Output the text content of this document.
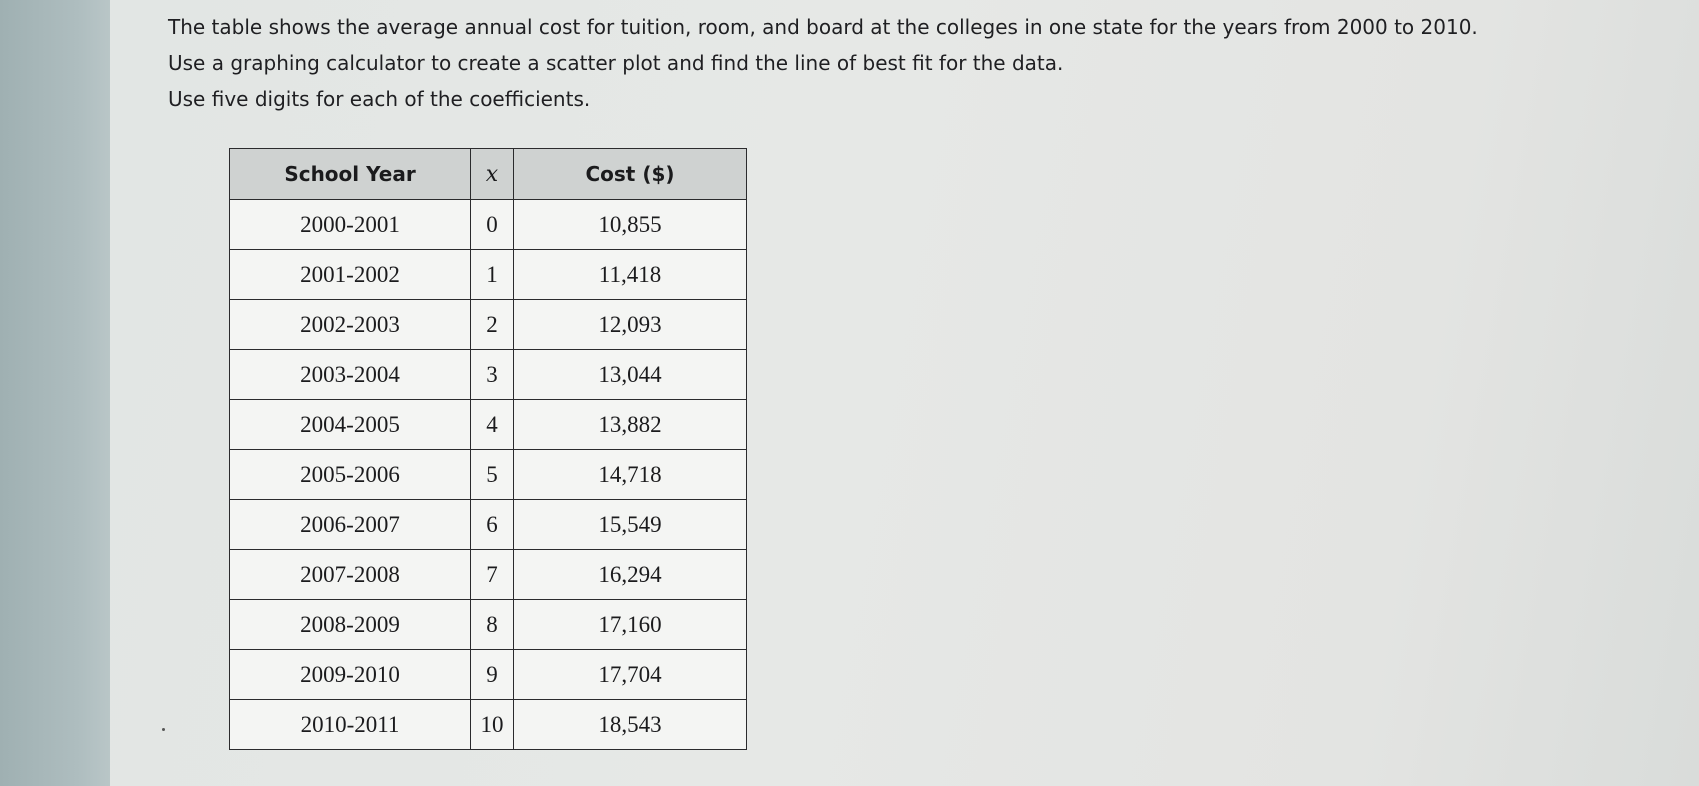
The table shows the average annual cost for tuition, room, and board at the colleges in one state for the years from 2000 to 2010.

Use a graphing calculator to create a scatter plot and find the line of best fit for the data.

Use five digits for each of the coefficients.

School Year	x	Cost ($)
2000-2001	0	10,855
2001-2002	1	11,418
2002-2003	2	12,093
2003-2004	3	13,044
2004-2005	4	13,882
2005-2006	5	14,718
2006-2007	6	15,549
2007-2008	7	16,294
2008-2009	8	17,160
2009-2010	9	17,704
2010-2011	10	18,543
